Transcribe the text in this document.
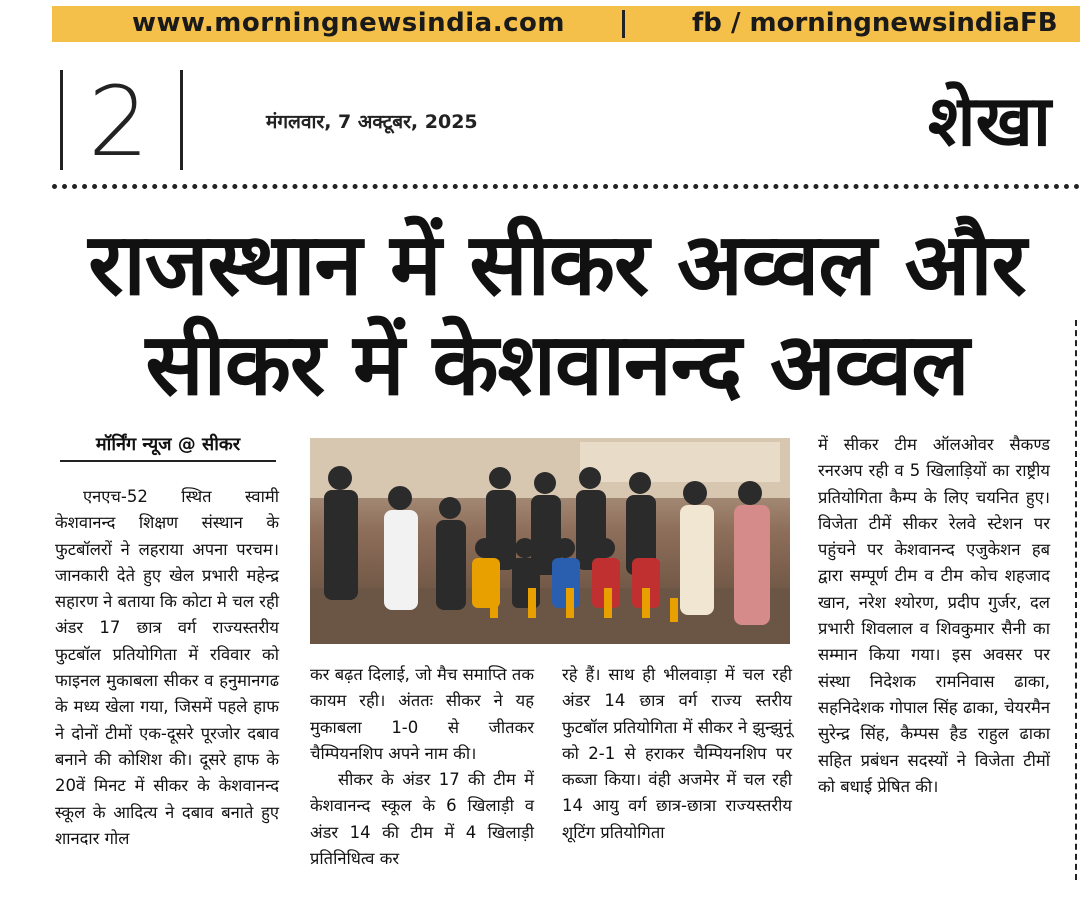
www.morningnewsindia.com	fb / morningnewsindiaFB
2	मंगलवार, 7 अक्टूबर, 2025	शेखा
राजस्थान में सीकर अव्वल और
सीकर में केशवानन्द अव्वल
मॉर्निंग न्यूज @ सीकर
एनएच-52 स्थित स्वामी केशवानन्द शिक्षण संस्थान के फुटबॉलरों ने लहराया अपना परचम। जानकारी देते हुए खेल प्रभारी महेन्द्र सहारण ने बताया कि कोटा मे चल रही अंडर 17 छात्र वर्ग राज्यस्तरीय फुटबॉल प्रतियोगिता में रविवार को फाइनल मुकाबला सीकर व हनुमानगढ के मध्य खेला गया, जिसमें पहले हाफ ने दोनों टीमों एक-दूसरे पूरजोर दबाव बनाने की कोशिश की। दूसरे हाफ के 20वें मिनट में सीकर के केशवानन्द स्कूल के आदित्य ने दबाव बनाते हुए शानदार गोल

कर बढ़त दिलाई, जो मैच समाप्ति तक कायम रही। अंततः सीकर ने यह मुकाबला 1-0 से जीतकर चैम्पियनशिप अपने नाम की।

सीकर के अंडर 17 की टीम में केशवानन्द स्कूल के 6 खिलाड़ी व अंडर 14 की टीम में 4 खिलाड़ी प्रतिनिधित्व कर

रहे हैं। साथ ही भीलवाड़ा में चल रही अंडर 14 छात्र वर्ग राज्य स्तरीय फुटबॉल प्रतियोगिता में सीकर ने झुन्झुनूं को 2-1 से हराकर चैम्पियनशिप पर कब्जा किया। वंही अजमेर में चल रही 14 आयु वर्ग छात्र-छात्रा राज्यस्तरीय शूटिंग प्रतियोगिता
में सीकर टीम ऑलओवर सैकण्ड रनरअप रही व 5 खिलाड़ियों का राष्ट्रीय प्रतियोगिता कैम्प के लिए चयनित हुए। विजेता टीमें सीकर रेलवे स्टेशन पर पहुंचने पर केशवानन्द एजुकेशन हब द्वारा सम्पूर्ण टीम व टीम कोच शहजाद खान, नरेश श्योरण, प्रदीप गुर्जर, दल प्रभारी शिवलाल व शिवकुमार सैनी का सम्मान किया गया। इस अवसर पर संस्था निदेशक रामनिवास ढाका, सहनिदेशक गोपाल सिंह ढाका, चेयरमैन सुरेन्द्र सिंह, कैम्पस हैड राहुल ढाका सहित प्रबंधन सदस्यों ने विजेता टीमों को बधाई प्रेषित की।
